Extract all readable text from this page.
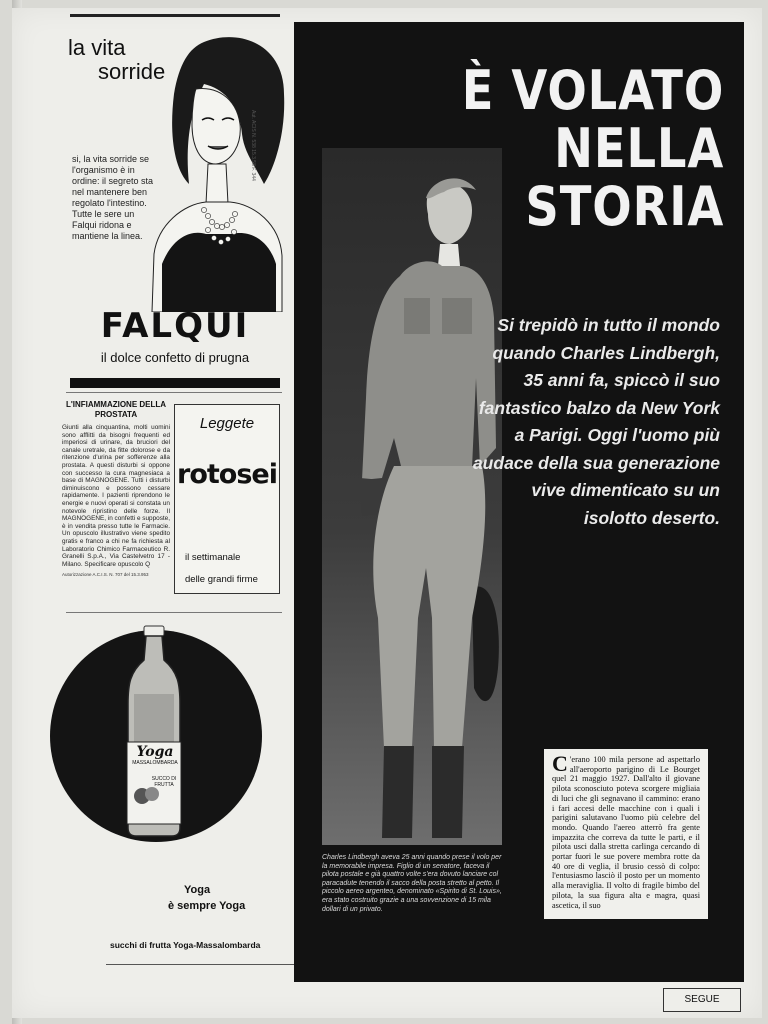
la vita
sorride
si, la vita sorride se l'organismo è in ordine: il segreto sta nel mantenere ben regolato l'intestino. Tutte le sere un Falqui ridona e mantiene la linea.
FALQUI
il dolce confetto di prugna
Aut. ACIS N. 538 15.3.58 F. 344
L'INFIAMMAZIONE DELLA PROSTATA
Giunti alla cinquantina, molti uomini sono afflitti da bisogni frequenti ed imperiosi di urinare, da bruciori del canale uretrale, da fitte dolorose e da ritenzione d'urina per sofferenze alla prostata. A questi disturbi si oppone con successo la cura magnesiaca a base di MAGNOGENE. Tutti i disturbi diminuiscono e possono cessare rapidamente. I pazienti riprendono le energie e nuovi operati si constata un notevole ripristino delle forze. Il MAGNOGENE, in confetti e supposte, è in vendita presso tutte le Farmacie. Un opuscolo illustrativo viene spedito gratis e franco a chi ne fa richiesta al Laboratorio Chimico Farmaceutico R. Granelli S.p.A., Via Castelvetro 17 - Milano. Specificare opuscolo Q
Autorizzazione A.C.I.S. N. 707 del 15.3.953
Leggete
rotosei
il settimanale
delle grandi firme
Yoga
MASSALOMBARDA
SUCCO DI FRUTTA
Yoga
è sempre Yoga
succhi di frutta Yoga-Massalombarda
È VOLATO
NELLA
STORIA
Charles Lindbergh aveva 25 anni quando prese il volo per la memorabile impresa. Figlio di un senatore, faceva il pilota postale e già quattro volte s'era dovuto lanciare col paracadute tenendo il sacco della posta stretto al petto. Il piccolo aereo argenteo, denominato «Spirito di St. Louis», era stato costruito grazie a una sovvenzione di 15 mila dollari di un privato.
Si trepidò in tutto il mondo quando Charles Lindbergh, 35 anni fa, spiccò il suo fantastico balzo da New York a Parigi. Oggi l'uomo più audace della sua generazione vive dimenticato su un isolotto deserto.
C 'erano 100 mila persone ad aspettarlo all'aeroporto parigino di Le Bourget quel 21 maggio 1927. Dall'alto il giovane pilota sconosciuto poteva scorgere migliaia di luci che gli segnavano il cammino: erano i fari accesi delle macchine con i quali i parigini salutavano l'uomo più celebre del mondo. Quando l'aereo atterrò fra gente impazzita che correva da tutte le parti, e il pilota usci dalla stretta carlinga cercando di portar fuori le sue povere membra rotte da 40 ore di veglia, il brusio cessò di colpo: l'entusiasmo lasciò il posto per un momento alla meraviglia. Il volto di fragile bimbo del pilota, la sua figura alta e magra, quasi ascetica, il suo
SEGUE
